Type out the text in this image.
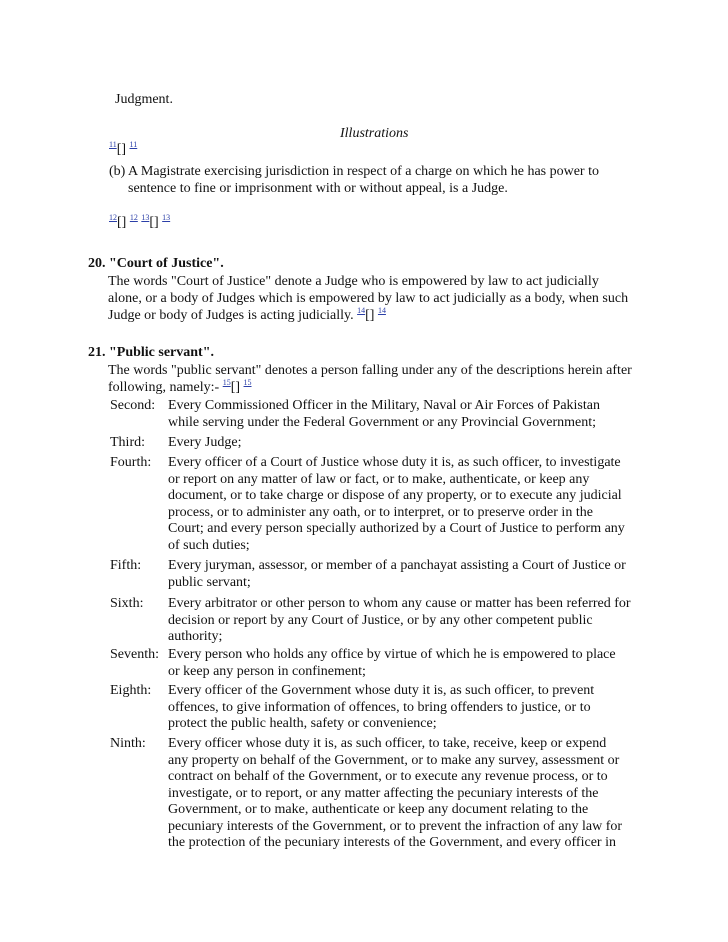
Judgment.
Illustrations
$^{11}$[] $^{11}$
(b) A Magistrate exercising jurisdiction in respect of a charge on which he has power to
sentence to fine or imprisonment with or without appeal, is a Judge.
$^{12}$[] $^{12}$ $^{13}$[] $^{13}$
20. "Court of Justice".
The words "Court of Justice" denote a Judge who is empowered by law to act judicially
alone, or a body of Judges which is empowered by law to act judicially as a body, when such
Judge or body of Judges is acting judicially. $^{14}$[] $^{14}$
21. "Public servant".
The words "public servant" denotes a person falling under any of the descriptions herein after
following, namely:- $^{15}$[] $^{15}$
Second: Every Commissioned Officer in the Military, Naval or Air Forces of Pakistan
while serving under the Federal Government or any Provincial Government;
Third:	Every Judge;
Fourth:	Every officer of a Court of Justice whose duty it is, as such officer, to investigate
or report on any matter of law or fact, or to make, authenticate, or keep any
document, or to take charge or dispose of any property, or to execute any judicial
process, or to administer any oath, or to interpret, or to preserve order in the
Court; and every person specially authorized by a Court of Justice to perform any
of such duties;
Fifth:	Every juryman, assessor, or member of a panchayat assisting a Court of Justice or
public servant;
Sixth:	Every arbitrator or other person to whom any cause or matter has been referred for
decision or report by any Court of Justice, or by any other competent public
authority;
Seventh: Every person who holds any office by virtue of which he is empowered to place
or keep any person in confinement;
Eighth:	Every officer of the Government whose duty it is, as such officer, to prevent
offences, to give information of offences, to bring offenders to justice, or to
protect the public health, safety or convenience;
Ninth:	Every officer whose duty it is, as such officer, to take, receive, keep or expend
any property on behalf of the Government, or to make any survey, assessment or
contract on behalf of the Government, or to execute any revenue process, or to
investigate, or to report, or any matter affecting the pecuniary interests of the
Government, or to make, authenticate or keep any document relating to the
pecuniary interests of the Government, or to prevent the infraction of any law for
the protection of the pecuniary interests of the Government, and every officer in
